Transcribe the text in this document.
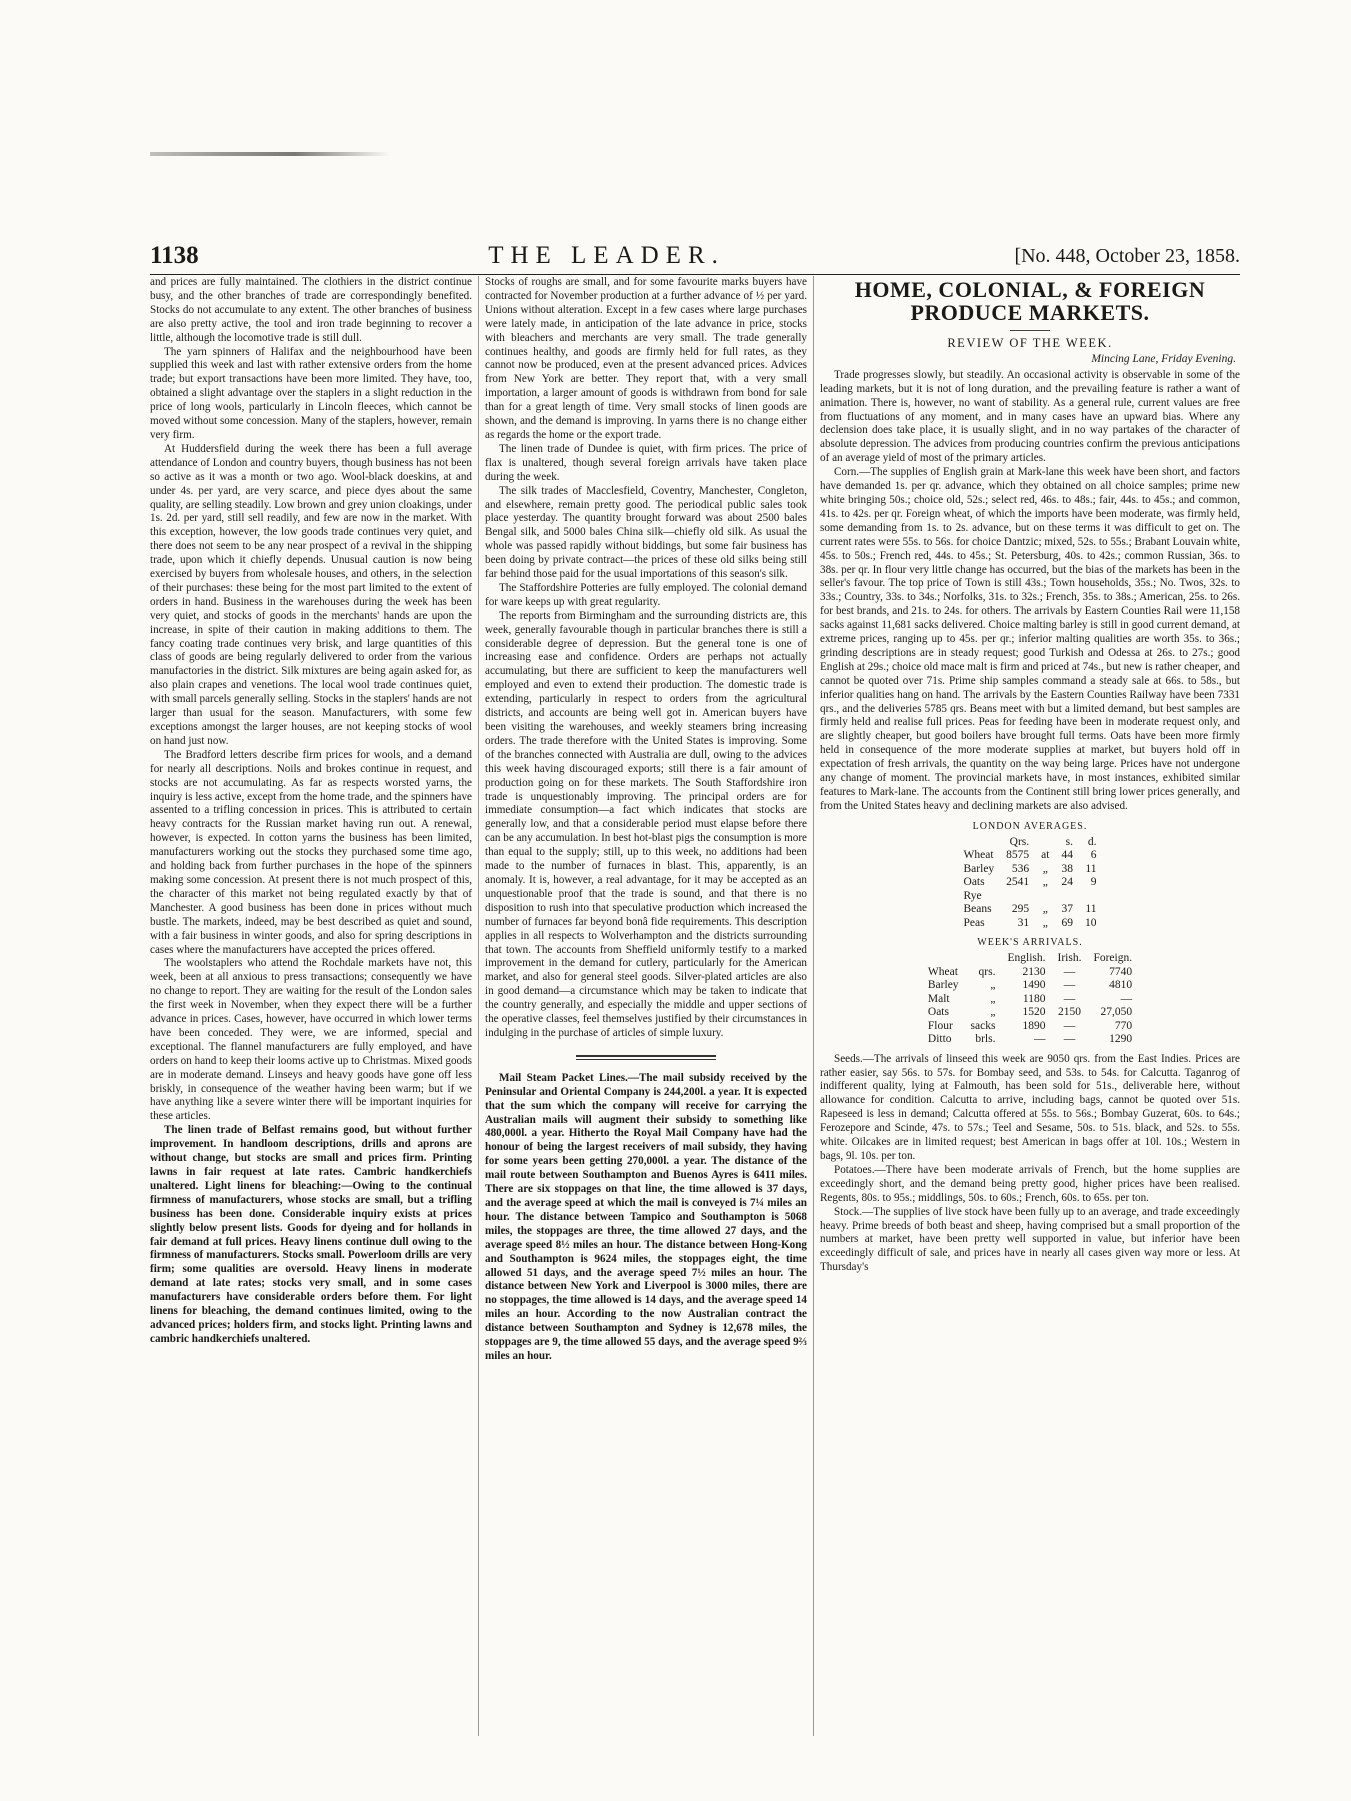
1138	THE LEADER.	[No. 448, October 23, 1858.

and prices are fully maintained. The clothiers in the district continue busy, and the other branches of trade are correspondingly benefited. Stocks do not accumulate to any extent. The other branches of business are also pretty active, the tool and iron trade beginning to recover a little, although the locomotive trade is still dull.

The yarn spinners of Halifax and the neighbourhood have been supplied this week and last with rather extensive orders from the home trade; but export transactions have been more limited. They have, too, obtained a slight advantage over the staplers in a slight reduction in the price of long wools, particularly in Lincoln fleeces, which cannot be moved without some concession. Many of the staplers, however, remain very firm.

At Huddersfield during the week there has been a full average attendance of London and country buyers, though business has not been so active as it was a month or two ago. Wool-black doeskins, at and under 4s. per yard, are very scarce, and piece dyes about the same quality, are selling steadily. Low brown and grey union cloakings, under 1s. 2d. per yard, still sell readily, and few are now in the market. With this exception, however, the low goods trade continues very quiet, and there does not seem to be any near prospect of a revival in the shipping trade, upon which it chiefly depends. Unusual caution is now being exercised by buyers from wholesale houses, and others, in the selection of their purchases: these being for the most part limited to the extent of orders in hand. Business in the warehouses during the week has been very quiet, and stocks of goods in the merchants' hands are upon the increase, in spite of their caution in making additions to them. The fancy coating trade continues very brisk, and large quantities of this class of goods are being regularly delivered to order from the various manufactories in the district. Silk mixtures are being again asked for, as also plain crapes and venetions. The local wool trade continues quiet, with small parcels generally selling. Stocks in the staplers' hands are not larger than usual for the season. Manufacturers, with some few exceptions amongst the larger houses, are not keeping stocks of wool on hand just now.

The Bradford letters describe firm prices for wools, and a demand for nearly all descriptions. Noils and brokes continue in request, and stocks are not accumulating. As far as respects worsted yarns, the inquiry is less active, except from the home trade, and the spinners have assented to a trifling concession in prices. This is attributed to certain heavy contracts for the Russian market having run out. A renewal, however, is expected. In cotton yarns the business has been limited, manufacturers working out the stocks they purchased some time ago, and holding back from further purchases in the hope of the spinners making some concession. At present there is not much prospect of this, the character of this market not being regulated exactly by that of Manchester. A good business has been done in prices without much bustle. The markets, indeed, may be best described as quiet and sound, with a fair business in winter goods, and also for spring descriptions in cases where the manufacturers have accepted the prices offered.

The woolstaplers who attend the Rochdale markets have not, this week, been at all anxious to press transactions; consequently we have no change to report. They are waiting for the result of the London sales the first week in November, when they expect there will be a further advance in prices. Cases, however, have occurred in which lower terms have been conceded. They were, we are informed, special and exceptional. The flannel manufacturers are fully employed, and have orders on hand to keep their looms active up to Christmas. Mixed goods are in moderate demand. Linseys and heavy goods have gone off less briskly, in consequence of the weather having been warm; but if we have anything like a severe winter there will be important inquiries for these articles.

The linen trade of Belfast remains good, but without further improvement. In handloom descriptions, drills and aprons are without change, but stocks are small and prices firm. Printing lawns in fair request at late rates. Cambric handkerchiefs unaltered. Light linens for bleaching:—Owing to the continual firmness of manufacturers, whose stocks are small, but a trifling business has been done. Considerable inquiry exists at prices slightly below present lists. Goods for dyeing and for hollands in fair demand at full prices. Heavy linens continue dull owing to the firmness of manufacturers. Stocks small. Powerloom drills are very firm; some qualities are oversold. Heavy linens in moderate demand at late rates; stocks very small, and in some cases manufacturers have considerable orders before them. For light linens for bleaching, the demand continues limited, owing to the advanced prices; holders firm, and stocks light. Printing lawns and cambric handkerchiefs unaltered.

Stocks of roughs are small, and for some favourite marks buyers have contracted for November production at a further advance of ½ per yard. Unions without alteration. Except in a few cases where large purchases were lately made, in anticipation of the late advance in price, stocks with bleachers and merchants are very small. The trade generally continues healthy, and goods are firmly held for full rates, as they cannot now be produced, even at the present advanced prices. Advices from New York are better. They report that, with a very small importation, a larger amount of goods is withdrawn from bond for sale than for a great length of time. Very small stocks of linen goods are shown, and the demand is improving. In yarns there is no change either as regards the home or the export trade.

The linen trade of Dundee is quiet, with firm prices. The price of flax is unaltered, though several foreign arrivals have taken place during the week.

The silk trades of Macclesfield, Coventry, Manchester, Congleton, and elsewhere, remain pretty good. The periodical public sales took place yesterday. The quantity brought forward was about 2500 bales Bengal silk, and 5000 bales China silk—chiefly old silk. As usual the whole was passed rapidly without biddings, but some fair business has been doing by private contract—the prices of these old silks being still far behind those paid for the usual importations of this season's silk.

The Staffordshire Potteries are fully employed. The colonial demand for ware keeps up with great regularity.

The reports from Birmingham and the surrounding districts are, this week, generally favourable though in particular branches there is still a considerable degree of depression. But the general tone is one of increasing ease and confidence. Orders are perhaps not actually accumulating, but there are sufficient to keep the manufacturers well employed and even to extend their production. The domestic trade is extending, particularly in respect to orders from the agricultural districts, and accounts are being well got in. American buyers have been visiting the warehouses, and weekly steamers bring increasing orders. The trade therefore with the United States is improving. Some of the branches connected with Australia are dull, owing to the advices this week having discouraged exports; still there is a fair amount of production going on for these markets. The South Staffordshire iron trade is unquestionably improving. The principal orders are for immediate consumption—a fact which indicates that stocks are generally low, and that a considerable period must elapse before there can be any accumulation. In best hot-blast pigs the consumption is more than equal to the supply; still, up to this week, no additions had been made to the number of furnaces in blast. This, apparently, is an anomaly. It is, however, a real advantage, for it may be accepted as an unquestionable proof that the trade is sound, and that there is no disposition to rush into that speculative production which increased the number of furnaces far beyond bonâ fide requirements. This description applies in all respects to Wolverhampton and the districts surrounding that town. The accounts from Sheffield uniformly testify to a marked improvement in the demand for cutlery, particularly for the American market, and also for general steel goods. Silver-plated articles are also in good demand—a circumstance which may be taken to indicate that the country generally, and especially the middle and upper sections of the operative classes, feel themselves justified by their circumstances in indulging in the purchase of articles of simple luxury.

Mail Steam Packet Lines.—The mail subsidy received by the Peninsular and Oriental Company is 244,200l. a year. It is expected that the sum which the company will receive for carrying the Australian mails will augment their subsidy to something like 480,000l. a year. Hitherto the Royal Mail Company have had the honour of being the largest receivers of mail subsidy, they having for some years been getting 270,000l. a year. The distance of the mail route between Southampton and Buenos Ayres is 6411 miles. There are six stoppages on that line, the time allowed is 37 days, and the average speed at which the mail is conveyed is 7¼ miles an hour. The distance between Tampico and Southampton is 5068 miles, the stoppages are three, the time allowed 27 days, and the average speed 8½ miles an hour. The distance between Hong-Kong and Southampton is 9624 miles, the stoppages eight, the time allowed 51 days, and the average speed 7½ miles an hour. The distance between New York and Liverpool is 3000 miles, there are no stoppages, the time allowed is 14 days, and the average speed 14 miles an hour. According to the now Australian contract the distance between Southampton and Sydney is 12,678 miles, the stoppages are 9, the time allowed 55 days, and the average speed 9⅔ miles an hour.

HOME, COLONIAL, & FOREIGN
PRODUCE MARKETS.
REVIEW OF THE WEEK.
Mincing Lane, Friday Evening.

Trade progresses slowly, but steadily. An occasional activity is observable in some of the leading markets, but it is not of long duration, and the prevailing feature is rather a want of animation. There is, however, no want of stability. As a general rule, current values are free from fluctuations of any moment, and in many cases have an upward bias. Where any declension does take place, it is usually slight, and in no way partakes of the character of absolute depression. The advices from producing countries confirm the previous anticipations of an average yield of most of the primary articles.

Corn.—The supplies of English grain at Mark-lane this week have been short, and factors have demanded 1s. per qr. advance, which they obtained on all choice samples; prime new white bringing 50s.; choice old, 52s.; select red, 46s. to 48s.; fair, 44s. to 45s.; and common, 41s. to 42s. per qr. Foreign wheat, of which the imports have been moderate, was firmly held, some demanding from 1s. to 2s. advance, but on these terms it was difficult to get on. The current rates were 55s. to 56s. for choice Dantzic; mixed, 52s. to 55s.; Brabant Louvain white, 45s. to 50s.; French red, 44s. to 45s.; St. Petersburg, 40s. to 42s.; common Russian, 36s. to 38s. per qr. In flour very little change has occurred, but the bias of the markets has been in the seller's favour. The top price of Town is still 43s.; Town households, 35s.; No. Twos, 32s. to 33s.; Country, 33s. to 34s.; Norfolks, 31s. to 32s.; French, 35s. to 38s.; American, 25s. to 26s. for best brands, and 21s. to 24s. for others. The arrivals by Eastern Counties Rail were 11,158 sacks against 11,681 sacks delivered. Choice malting barley is still in good current demand, at extreme prices, ranging up to 45s. per qr.; inferior malting qualities are worth 35s. to 36s.; grinding descriptions are in steady request; good Turkish and Odessa at 26s. to 27s.; good English at 29s.; choice old mace malt is firm and priced at 74s., but new is rather cheaper, and cannot be quoted over 71s. Prime ship samples command a steady sale at 66s. to 58s., but inferior qualities hang on hand. The arrivals by the Eastern Counties Railway have been 7331 qrs., and the deliveries 5785 qrs. Beans meet with but a limited demand, but best samples are firmly held and realise full prices. Peas for feeding have been in moderate request only, and are slightly cheaper, but good boilers have brought full terms. Oats have been more firmly held in consequence of the more moderate supplies at market, but buyers hold off in expectation of fresh arrivals, the quantity on the way being large. Prices have not undergone any change of moment. The provincial markets have, in most instances, exhibited similar features to Mark-lane. The accounts from the Continent still bring lower prices generally, and from the United States heavy and declining markets are also advised.

LONDON AVERAGES.
	Qrs.		s.	d.
Wheat	8575	at	44	6
Barley	536	„	38	11
Oats	2541	„	24	9
Rye				
Beans	295	„	37	11
Peas	31	„	69	10
WEEK'S ARRIVALS.
		English.	Irish.	Foreign.
Wheat	qrs.	2130	—	7740
Barley	„	1490	—	4810
Malt	„	1180	—	—
Oats	„	1520	2150	27,050
Flour	sacks	1890	—	770
Ditto	brls.	—	—	1290

Seeds.—The arrivals of linseed this week are 9050 qrs. from the East Indies. Prices are rather easier, say 56s. to 57s. for Bombay seed, and 53s. to 54s. for Calcutta. Taganrog of indifferent quality, lying at Falmouth, has been sold for 51s., deliverable here, without allowance for condition. Calcutta to arrive, including bags, cannot be quoted over 51s. Rapeseed is less in demand; Calcutta offered at 55s. to 56s.; Bombay Guzerat, 60s. to 64s.; Ferozepore and Scinde, 47s. to 57s.; Teel and Sesame, 50s. to 51s. black, and 52s. to 55s. white. Oilcakes are in limited request; best American in bags offer at 10l. 10s.; Western in bags, 9l. 10s. per ton.

Potatoes.—There have been moderate arrivals of French, but the home supplies are exceedingly short, and the demand being pretty good, higher prices have been realised. Regents, 80s. to 95s.; middlings, 50s. to 60s.; French, 60s. to 65s. per ton.

Stock.—The supplies of live stock have been fully up to an average, and trade exceedingly heavy. Prime breeds of both beast and sheep, having comprised but a small proportion of the numbers at market, have been pretty well supported in value, but inferior have been exceedingly difficult of sale, and prices have in nearly all cases given way more or less. At Thursday's
